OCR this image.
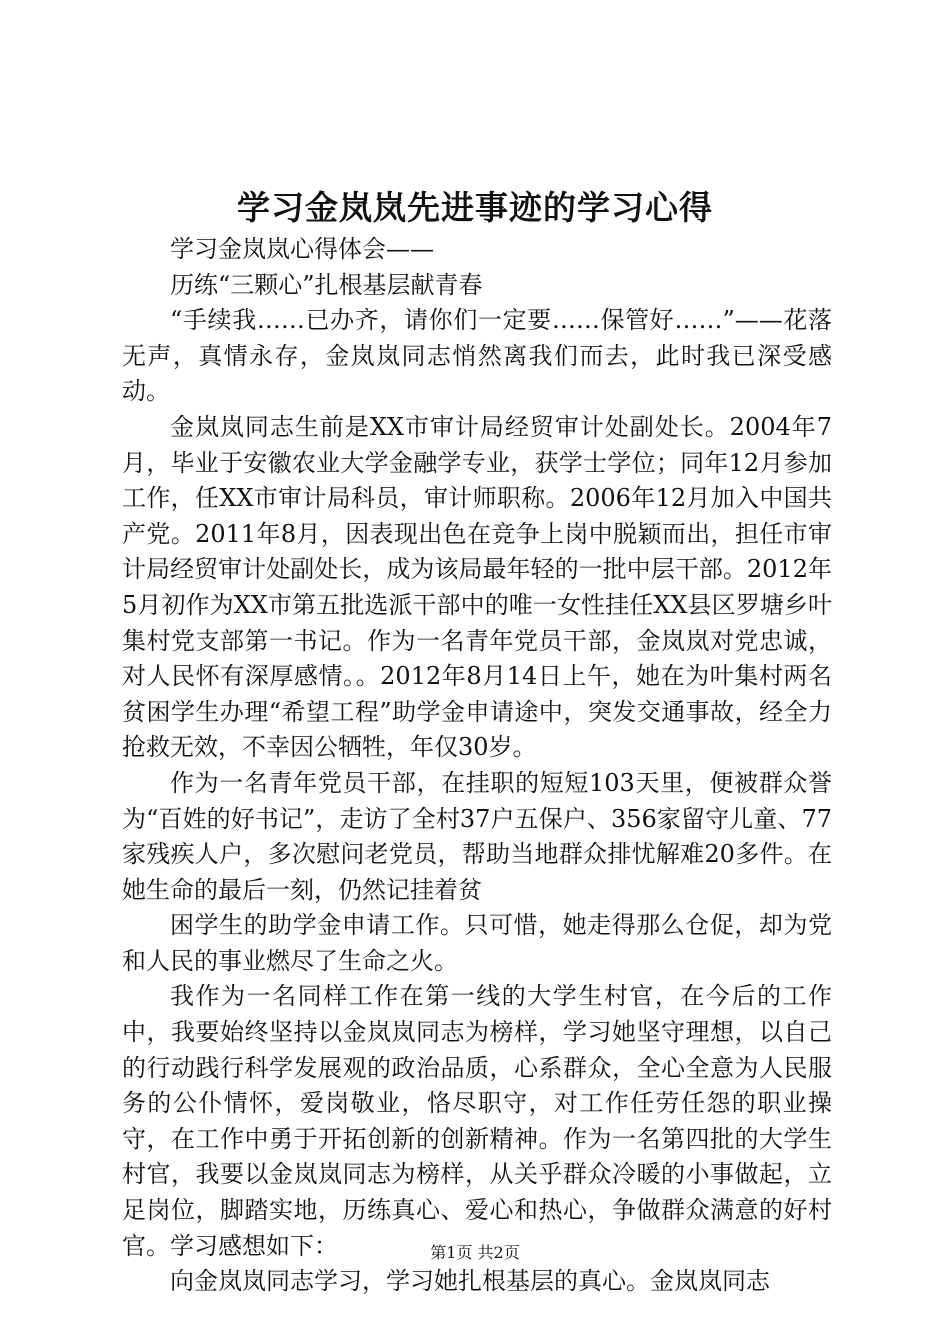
学习金岚岚先进事迹的学习心得

学习金岚岚心得体会——

历练“三颗心”扎根基层献青春

“手续我……已办齐，请你们一定要……保管好……”——花落无声，真情永存，金岚岚同志悄然离我们而去，此时我已深受感动。

金岚岚同志生前是XX市审计局经贸审计处副处长。2004年7月，毕业于安徽农业大学金融学专业，获学士学位；同年12月参加工作，任XX市审计局科员，审计师职称。2006年12月加入中国共产党。2011年8月，因表现出色在竞争上岗中脱颖而出，担任市审计局经贸审计处副处长，成为该局最年轻的一批中层干部。2012年5月初作为XX市第五批选派干部中的唯一女性挂任XX县区罗塘乡叶集村党支部第一书记。作为一名青年党员干部，金岚岚对党忠诚，对人民怀有深厚感情。。2012年8月14日上午，她在为叶集村两名贫困学生办理“希望工程”助学金申请途中，突发交通事故，经全力抢救无效，不幸因公牺牲，年仅30岁。

作为一名青年党员干部，在挂职的短短103天里，便被群众誉为“百姓的好书记”，走访了全村37户五保户、356家留守儿童、77家残疾人户，多次慰问老党员，帮助当地群众排忧解难20多件。在她生命的最后一刻，仍然记挂着贫

困学生的助学金申请工作。只可惜，她走得那么仓促，却为党和人民的事业燃尽了生命之火。

我作为一名同样工作在第一线的大学生村官，在今后的工作中，我要始终坚持以金岚岚同志为榜样，学习她坚守理想，以自己的行动践行科学发展观的政治品质，心系群众，全心全意为人民服务的公仆情怀，爱岗敬业，恪尽职守，对工作任劳任怨的职业操守，在工作中勇于开拓创新的创新精神。作为一名第四批的大学生村官，我要以金岚岚同志为榜样，从关乎群众冷暖的小事做起，立足岗位，脚踏实地，历练真心、爱心和热心，争做群众满意的好村官。学习感想如下：

向金岚岚同志学习，学习她扎根基层的真心。金岚岚同志

第1页 共2页
